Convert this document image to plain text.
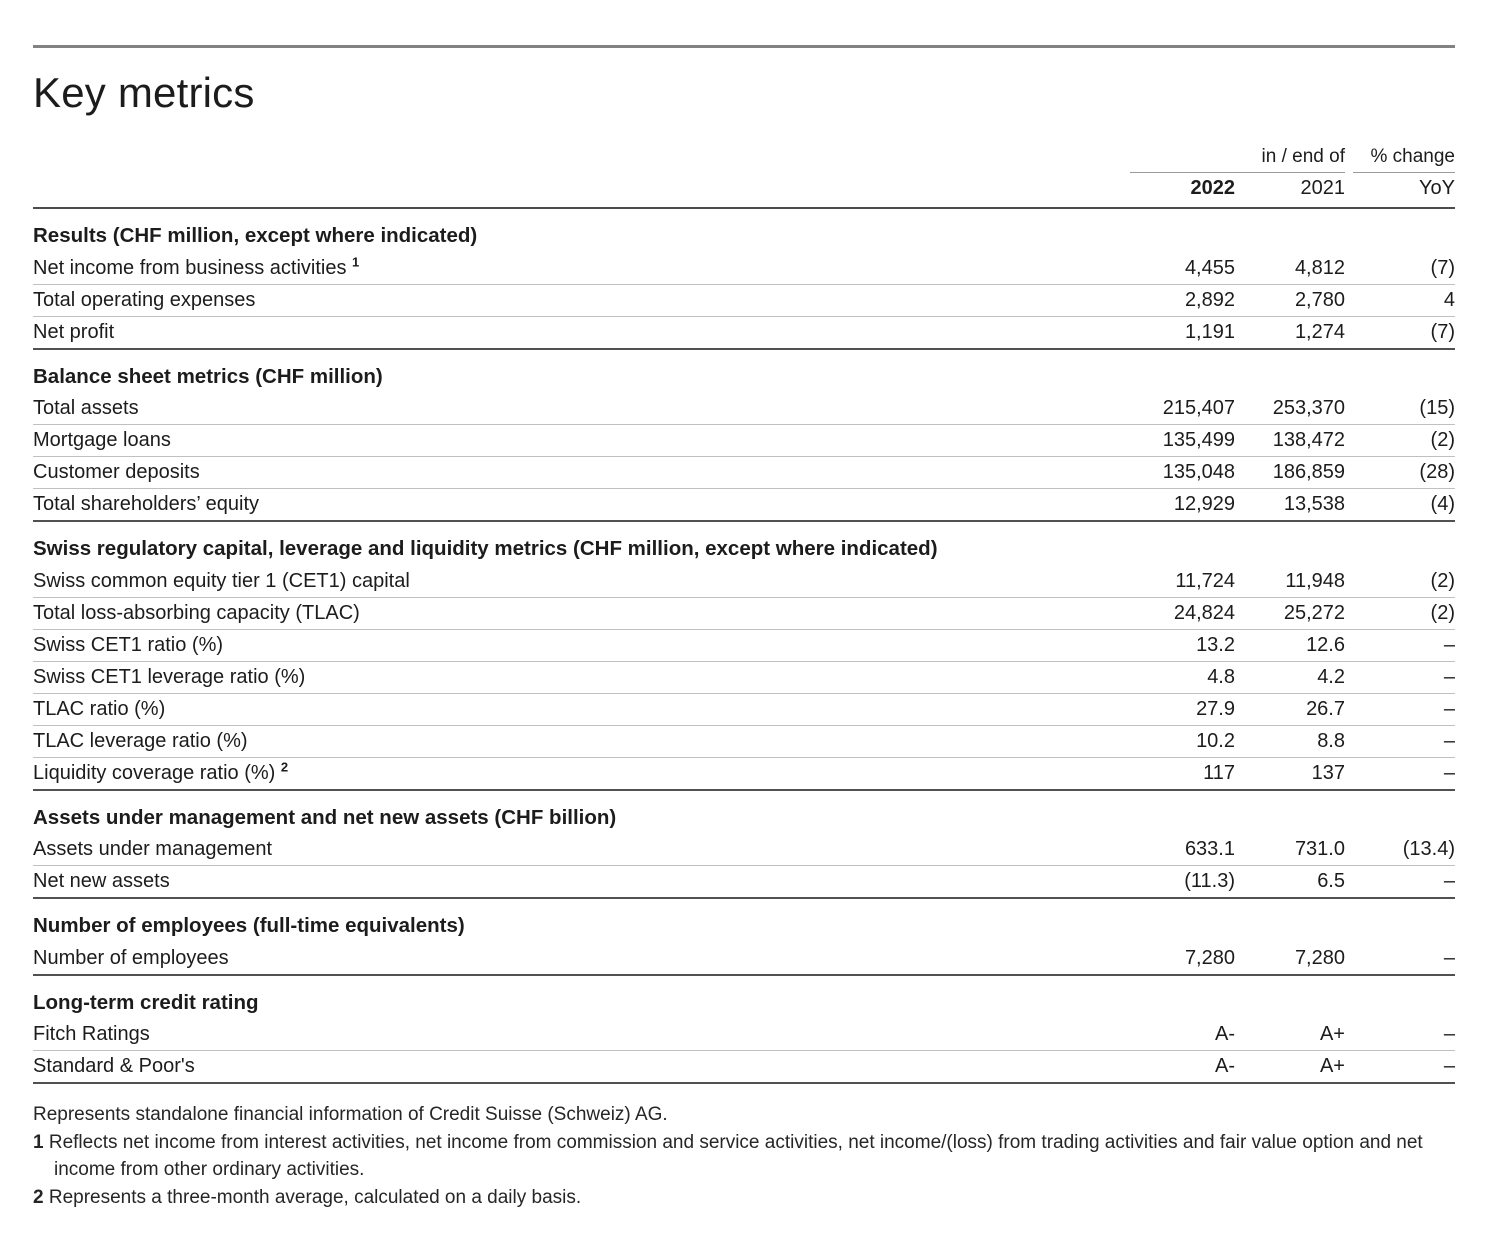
Key metrics
in / end of	% change
2022	2021	YoY
Results (CHF million, except where indicated)
Net income from business activities $^1$	4,455	4,812	(7)
Total operating expenses	2,892	2,780	4
Net profit	1,191	1,274	(7)
Balance sheet metrics (CHF million)
Total assets	215,407	253,370	(15)
Mortgage loans	135,499	138,472	(2)
Customer deposits	135,048	186,859	(28)
Total shareholders’ equity	12,929	13,538	(4)
Swiss regulatory capital, leverage and liquidity metrics (CHF million, except where indicated)
Swiss common equity tier 1 (CET1) capital	11,724	11,948	(2)
Total loss-absorbing capacity (TLAC)	24,824	25,272	(2)
Swiss CET1 ratio (%)	13.2	12.6	–
Swiss CET1 leverage ratio (%)	4.8	4.2	–
TLAC ratio (%)	27.9	26.7	–
TLAC leverage ratio (%)	10.2	8.8	–
Liquidity coverage ratio (%) $^2$	117	137	–
Assets under management and net new assets (CHF billion)
Assets under management	633.1	731.0	(13.4)
Net new assets	(11.3)	6.5	–
Number of employees (full-time equivalents)
Number of employees	7,280	7,280	–
Long-term credit rating
Fitch Ratings	A-	A+	–
Standard & Poor's	A-	A+	–
Represents standalone financial information of Credit Suisse (Schweiz) AG.
1 Reflects net income from interest activities, net income from commission and service activities, net income/(loss) from trading activities and fair value option and net income from other ordinary activities.
2 Represents a three-month average, calculated on a daily basis.
